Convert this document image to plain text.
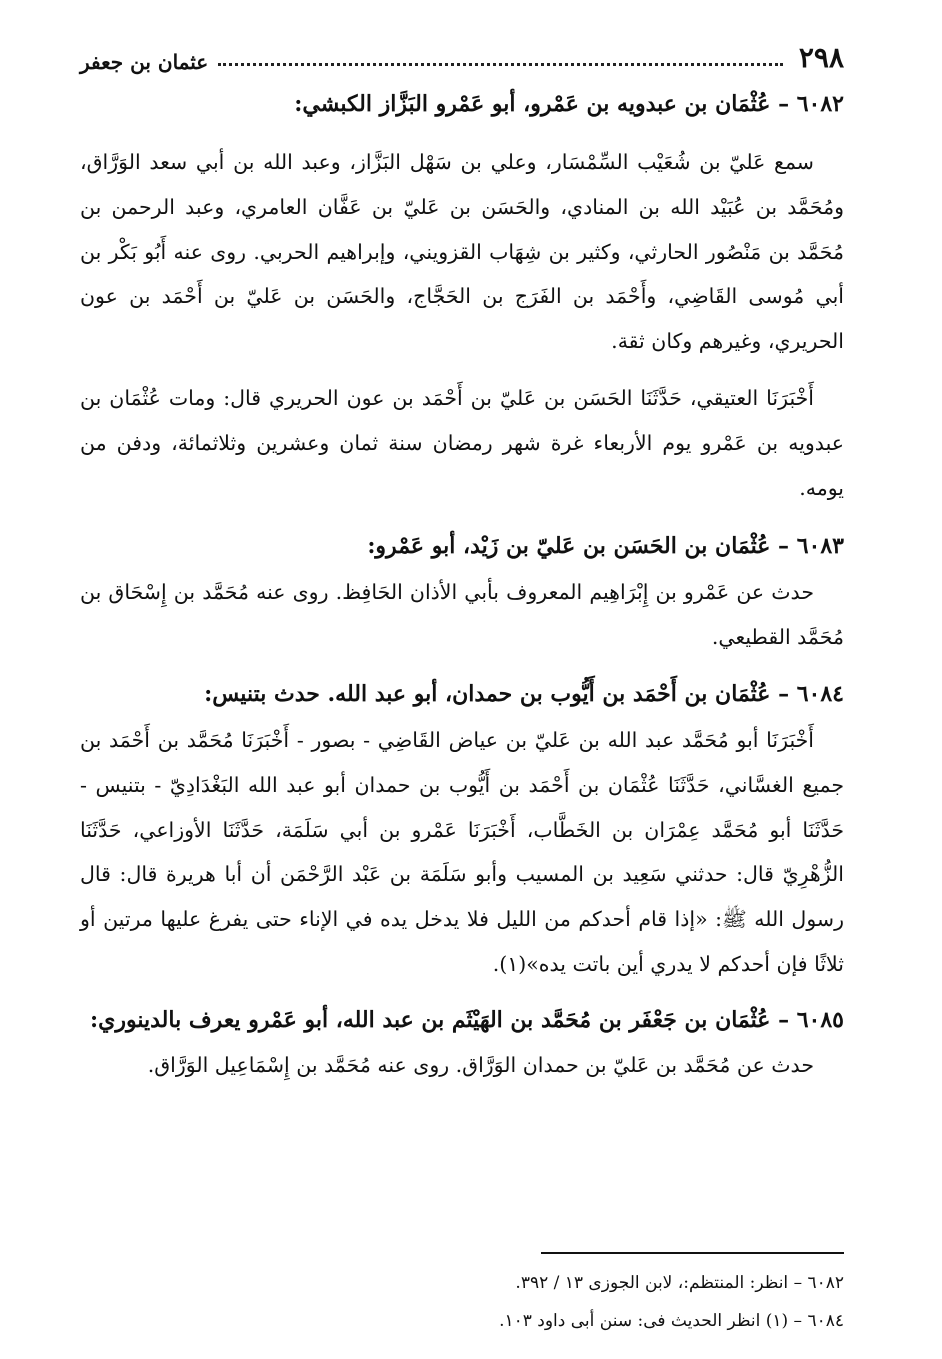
٢٩٨
عثمان بن جعفر

٦٠٨٢ – عُثْمَان بن عبدويه بن عَمْرو، أبو عَمْرو البَزَّاز الكبشي:

سمع عَليّ بن شُعَيْب السِّمْسَار، وعلي بن سَهْل البَزَّاز، وعبد الله بن أبي سعد الوَرَّاق، ومُحَمَّد بن عُبَيْد الله بن المنادي، والحَسَن بن عَليّ بن عَفَّان العامري، وعبد الرحمن بن مُحَمَّد بن مَنْصُور الحارثي، وكثير بن شِهَاب القزويني، وإبراهيم الحربي. روى عنه أَبُو بَكْر بن أبي مُوسى القَاضِي، وأَحْمَد بن الفَرَج بن الحَجَّاج، والحَسَن بن عَليّ بن أَحْمَد بن عون الحريري، وغيرهم وكان ثقة.

أَخْبَرَنَا العتيقي، حَدَّثَنَا الحَسَن بن عَليّ بن أَحْمَد بن عون الحريري قال: ومات عُثْمَان بن عبدويه بن عَمْرو يوم الأربعاء غرة شهر رمضان سنة ثمان وعشرين وثلاثمائة، ودفن من يومه.

٦٠٨٣ – عُثْمَان بن الحَسَن بن عَليّ بن زَيْد، أبو عَمْرو:

حدث عن عَمْرو بن إِبْرَاهِيم المعروف بأبي الأذان الحَافِظ. روى عنه مُحَمَّد بن إِسْحَاق بن مُحَمَّد القطيعي.

٦٠٨٤ – عُثْمَان بن أَحْمَد بن أَيُّوب بن حمدان، أبو عبد الله. حدث بتنيس:

أَخْبَرَنَا أبو مُحَمَّد عبد الله بن عَليّ بن عياض القَاضِي - بصور - أَخْبَرَنَا مُحَمَّد بن أَحْمَد بن جميع الغسَّاني، حَدَّثَنَا عُثْمَان بن أَحْمَد بن أَيُّوب بن حمدان أبو عبد الله البَغْدَادِيّ - بتنيس - حَدَّثَنَا أبو مُحَمَّد عِمْرَان بن الخَطَّاب، أَخْبَرَنَا عَمْرو بن أبي سَلَمَة، حَدَّثَنَا الأوزاعي، حَدَّثَنَا الزُّهْرِيّ قال: حدثني سَعِيد بن المسيب وأبو سَلَمَة بن عَبْد الرَّحْمَن أن أبا هريرة قال: قال رسول الله ﷺ: «إذا قام أحدكم من الليل فلا يدخل يده في الإناء حتى يفرغ عليها مرتين أو ثلاثًا فإن أحدكم لا يدري أين باتت يده»(١).

٦٠٨٥ – عُثْمَان بن جَعْفَر بن مُحَمَّد بن الهَيْثَم بن عبد الله، أبو عَمْرو يعرف بالدينوري:

حدث عن مُحَمَّد بن عَليّ بن حمدان الوَرَّاق. روى عنه مُحَمَّد بن إِسْمَاعِيل الوَرَّاق.

٦٠٨٢ – انظر: المنتظم:، لابن الجوزى ١٣ / ٣٩٢.

٦٠٨٤ – (١) انظر الحديث فى: سنن أبى داود ١٠٣.
